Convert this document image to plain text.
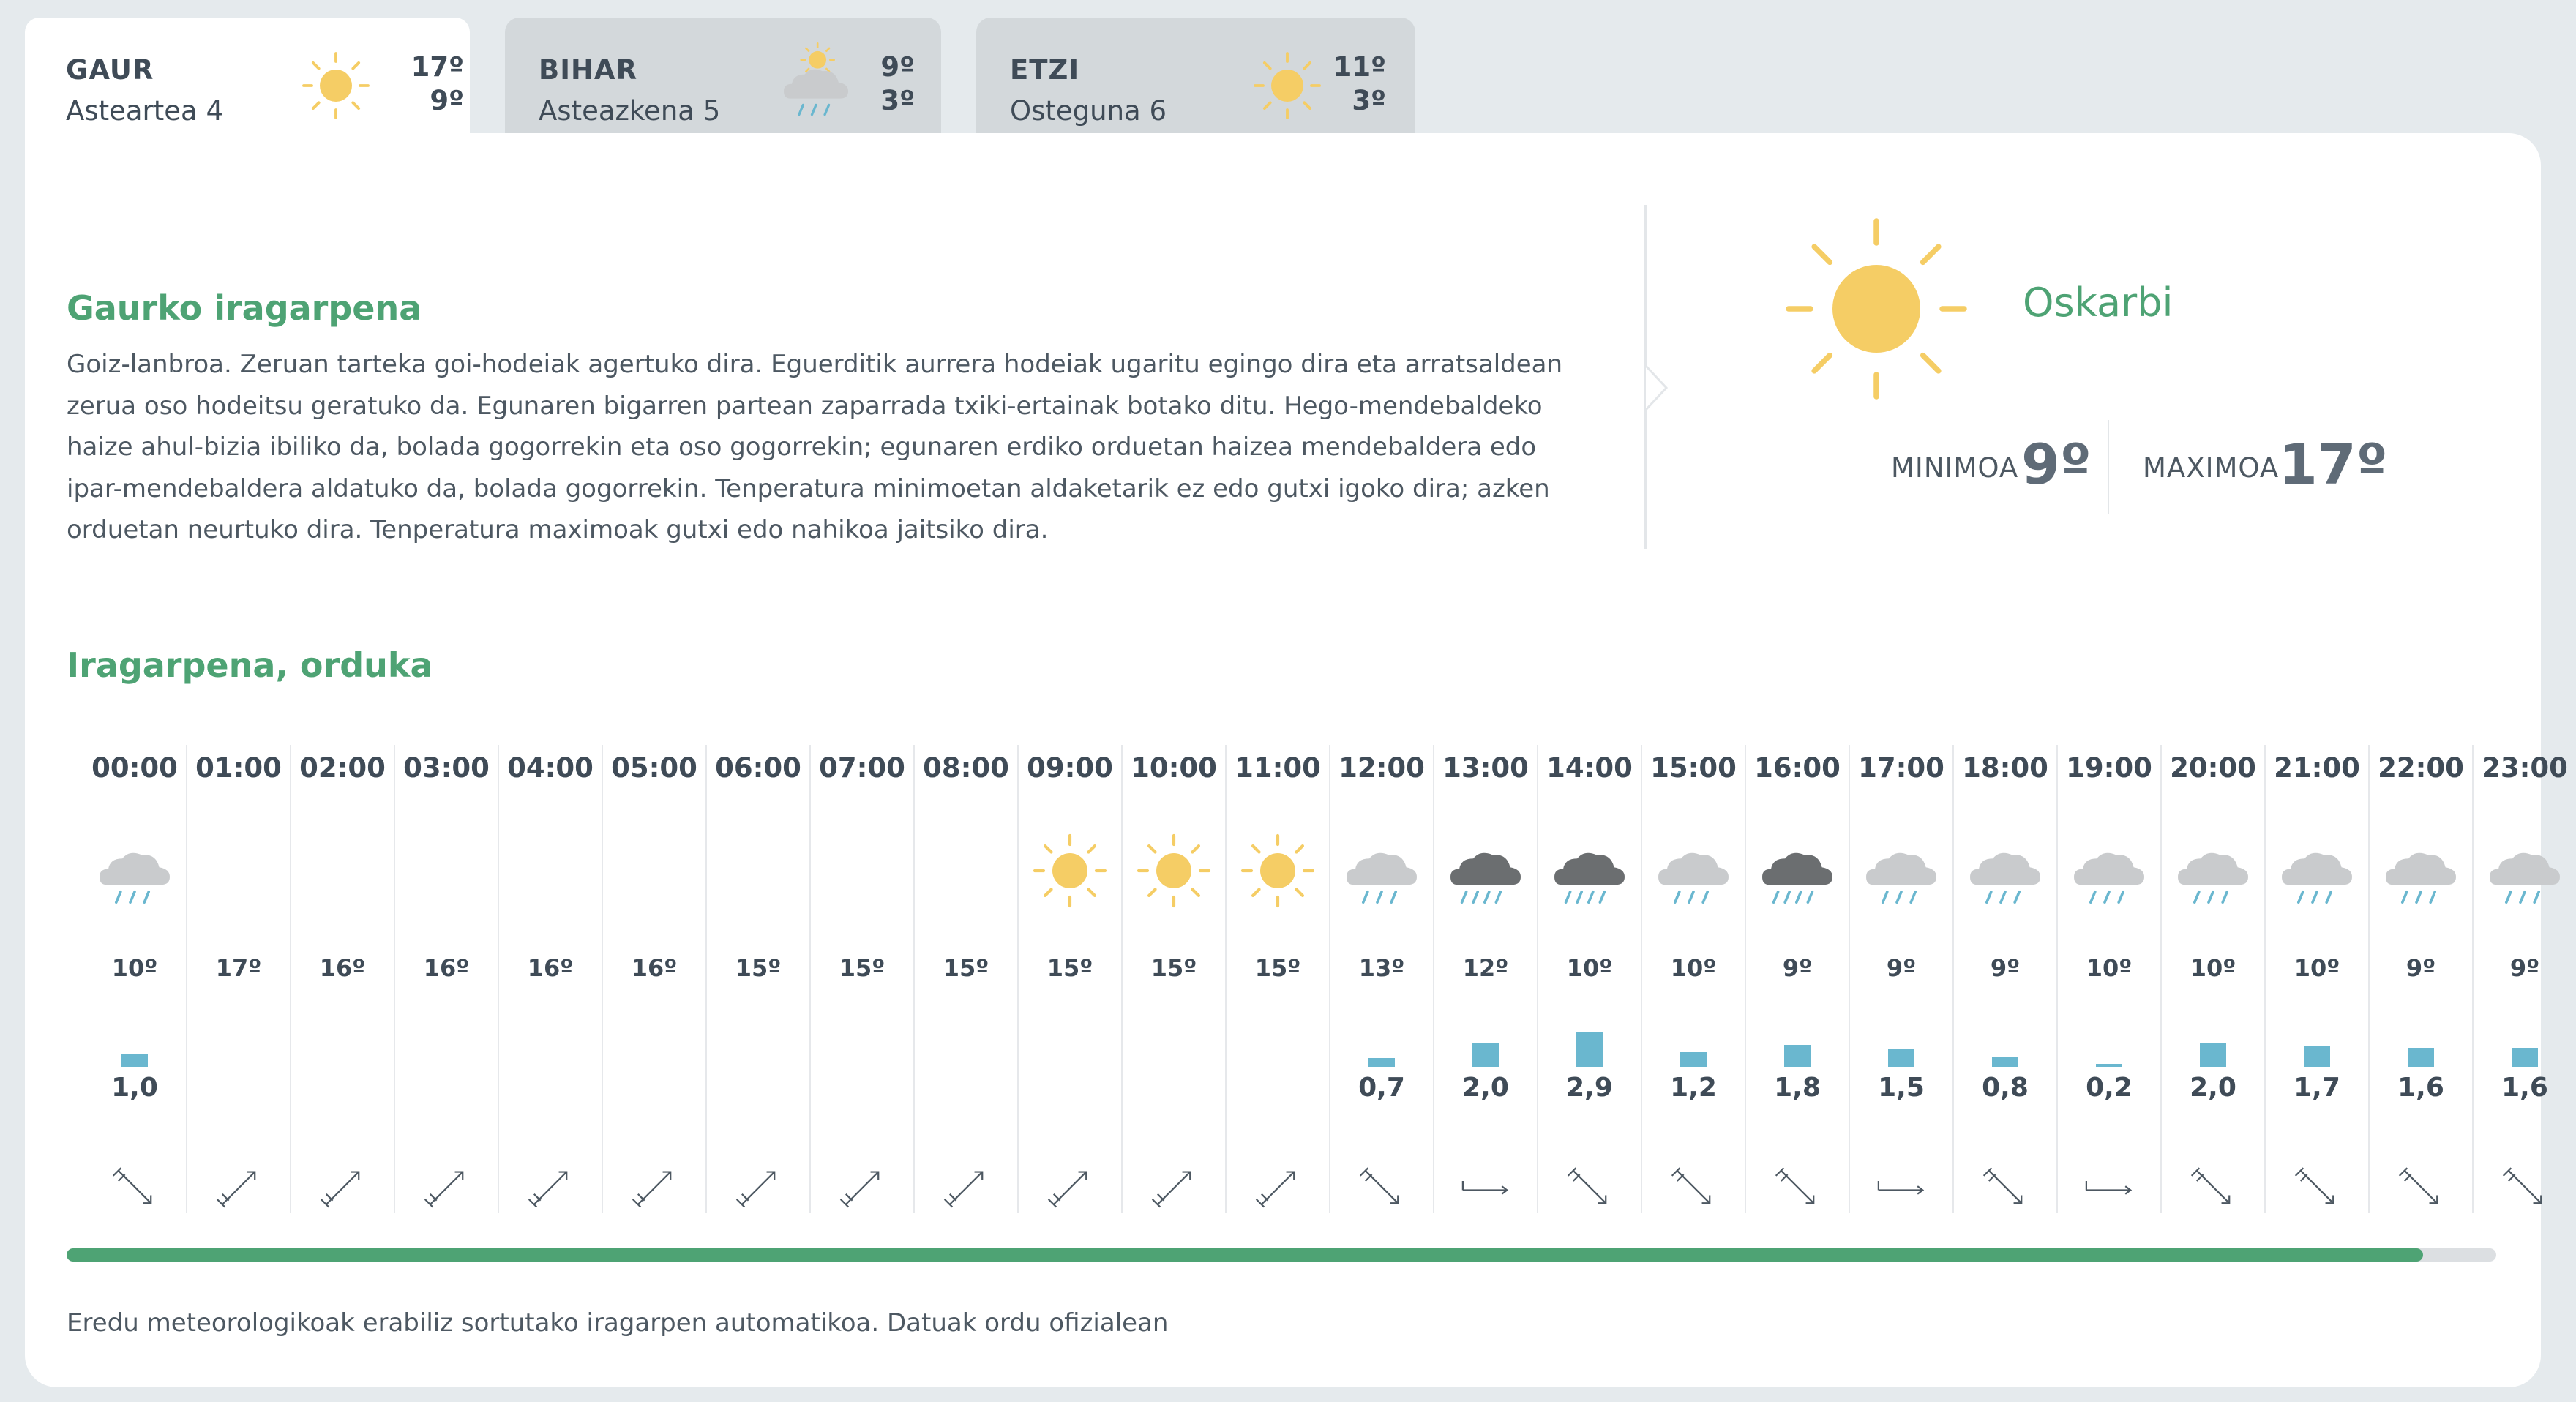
GAUR
Asteartea 4
17º
9º
BIHAR
Asteazkena 5
9º
3º
ETZI
Osteguna 6
11º
3º
Gaurko iragarpena
Goiz-lanbroa. Zeruan tarteka goi-hodeiak agertuko dira. Eguerditik aurrera hodeiak ugaritu egingo dira eta arratsaldean zerua oso hodeitsu geratuko da. Egunaren bigarren partean zaparrada txiki-ertainak botako ditu. Hego-mendebaldeko haize ahul-bizia ibiliko da, bolada gogorrekin eta oso gogorrekin; egunaren erdiko orduetan haizea mendebaldera edo ipar-mendebaldera aldatuko da, bolada gogorrekin. Tenperatura minimoetan aldaketarik ez edo gutxi igoko dira; azken orduetan neurtuko dira. Tenperatura maximoak gutxi edo nahikoa jaitsiko dira.
Oskarbi
MINIMOA 9º MAXIMOA 17º
Iragarpena, orduka
00:00
10º
1,0
01:00
17º
02:00
16º
03:00
16º
04:00
16º
05:00
16º
06:00
15º
07:00
15º
08:00
15º
09:00
15º
10:00
15º
11:00
15º
12:00
13º
0,7
13:00
12º
2,0
14:00
10º
2,9
15:00
10º
1,2
16:00
9º
1,8
17:00
9º
1,5
18:00
9º
0,8
19:00
10º
0,2
20:00
10º
2,0
21:00
10º
1,7
22:00
9º
1,6
23:00
9º
1,6
Eredu meteorologikoak erabiliz sortutako iragarpen automatikoa. Datuak ordu ofizialean
